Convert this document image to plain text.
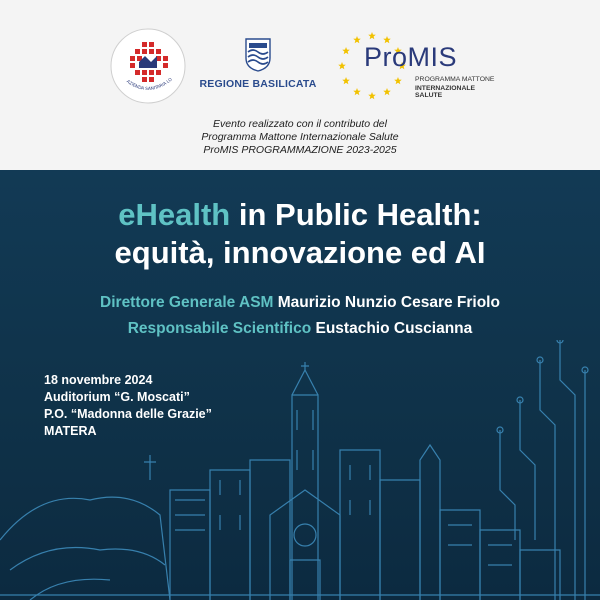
AZIENDA SANITARIA LO REGIONE BASILICATA
ProMIS
PROGRAMMA MATTONE
INTERNAZIONALE SALUTE
Evento realizzato con il contributo del
Programma Mattone Internazionale Salute
ProMIS PROGRAMMAZIONE 2023-2025
eHealth in Public Health:
equità, innovazione ed AI
Direttore Generale ASM Maurizio Nunzio Cesare Friolo
Responsabile Scientifico Eustachio Cuscianna
18 novembre 2024
Auditorium “G. Moscati”
P.O. “Madonna delle Grazie”
MATERA
